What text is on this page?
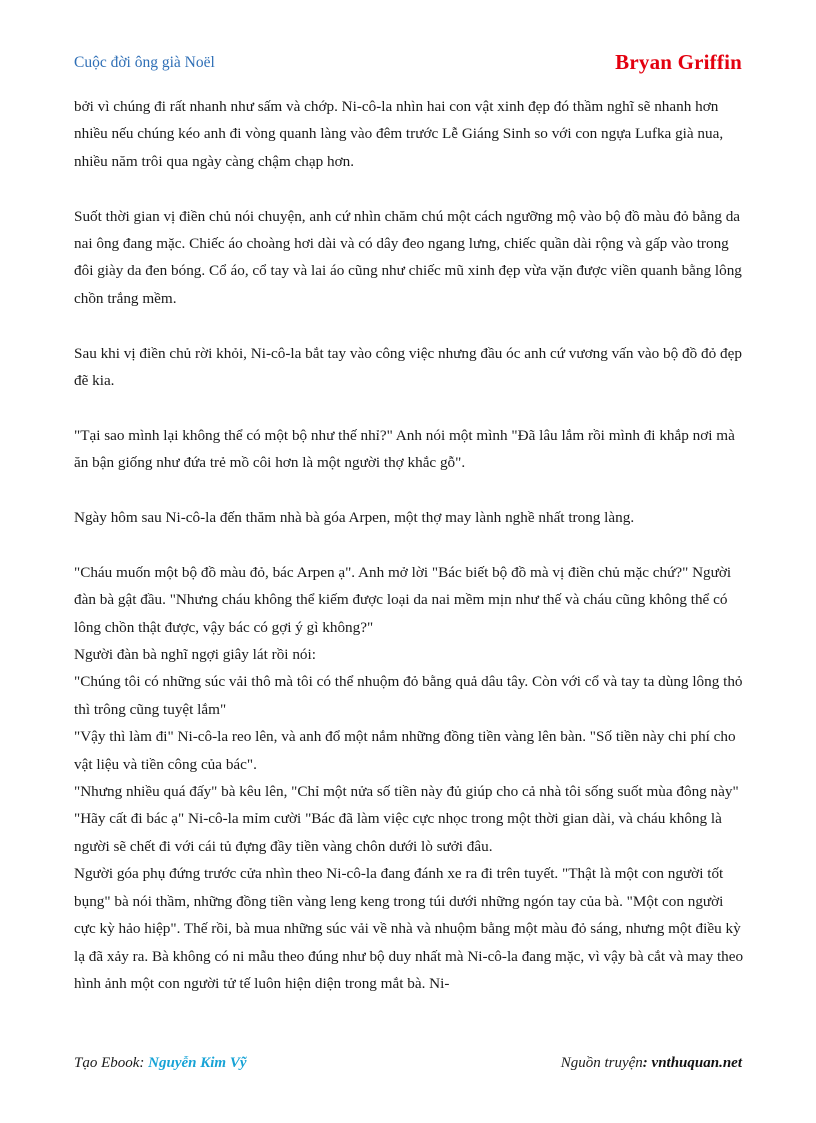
Cuộc đời ông già Noël	Bryan Griffin

bởi vì chúng đi rất nhanh như sấm và chớp. Ni-cô-la nhìn hai con vật xinh đẹp đó thầm nghĩ sẽ nhanh hơn nhiều nếu chúng kéo anh đi vòng quanh làng vào đêm trước Lễ Giáng Sinh so với con ngựa Lufka già nua, nhiều năm trôi qua ngày càng chậm chạp hơn.

Suốt thời gian vị điền chủ nói chuyện, anh cứ nhìn chăm chú một cách ngưỡng mộ vào bộ đồ màu đỏ bằng da nai ông đang mặc. Chiếc áo choàng hơi dài và có dây đeo ngang lưng, chiếc quần dài rộng và gấp vào trong đôi giày da đen bóng. Cổ áo, cổ tay và lai áo cũng như chiếc mũ xinh đẹp vừa vặn được viền quanh bằng lông chồn trắng mềm.

Sau khi vị điền chủ rời khỏi, Ni-cô-la bắt tay vào công việc nhưng đầu óc anh cứ vương vấn vào bộ đồ đỏ đẹp đẽ kia.

"Tại sao mình lại không thể có một bộ như thế nhỉ?" Anh nói một mình "Đã lâu lắm rồi mình đi khắp nơi mà ăn bận giống như đứa trẻ mồ côi hơn là một người thợ khắc gỗ".

Ngày hôm sau Ni-cô-la đến thăm nhà bà góa Arpen, một thợ may lành nghề nhất trong làng.

"Cháu muốn một bộ đồ màu đỏ, bác Arpen ạ". Anh mở lời "Bác biết bộ đồ mà vị điền chủ mặc chứ?" Người đàn bà gật đầu. "Nhưng cháu không thể kiếm được loại da nai mềm mịn như thế và cháu cũng không thể có lông chồn thật được, vậy bác có gợi ý gì không?"

Người đàn bà nghĩ ngợi giây lát rồi nói:

"Chúng tôi có những súc vải thô mà tôi có thể nhuộm đỏ bằng quả dâu tây. Còn với cổ và tay ta dùng lông thỏ thì trông cũng tuyệt lắm"

"Vậy thì làm đi" Ni-cô-la reo lên, và anh đổ một nắm những đồng tiền vàng lên bàn. "Số tiền này chi phí cho vật liệu và tiền công của bác".

"Nhưng nhiều quá đấy" bà kêu lên, "Chỉ một nửa số tiền này đủ giúp cho cả nhà tôi sống suốt mùa đông này"

"Hãy cất đi bác ạ" Ni-cô-la mỉm cười "Bác đã làm việc cực nhọc trong một thời gian dài, và cháu không là người sẽ chết đi với cái tủ đựng đầy tiền vàng chôn dưới lò sưởi đâu.

Người góa phụ đứng trước cửa nhìn theo Ni-cô-la đang đánh xe ra đi trên tuyết. "Thật là một con người tốt bụng" bà nói thầm, những đồng tiền vàng leng keng trong túi dưới những ngón tay của bà. "Một con người cực kỳ hảo hiệp". Thế rồi, bà mua những súc vải về nhà và nhuộm bằng một màu đỏ sáng, nhưng một điều kỳ lạ đã xảy ra. Bà không có ni mẫu theo đúng như bộ duy nhất mà Ni-cô-la đang mặc, vì vậy bà cắt và may theo hình ảnh một con người tử tế luôn hiện diện trong mắt bà. Ni-

Tạo Ebook: Nguyễn Kim Vỹ	Nguồn truyện: vnthuquan.net
